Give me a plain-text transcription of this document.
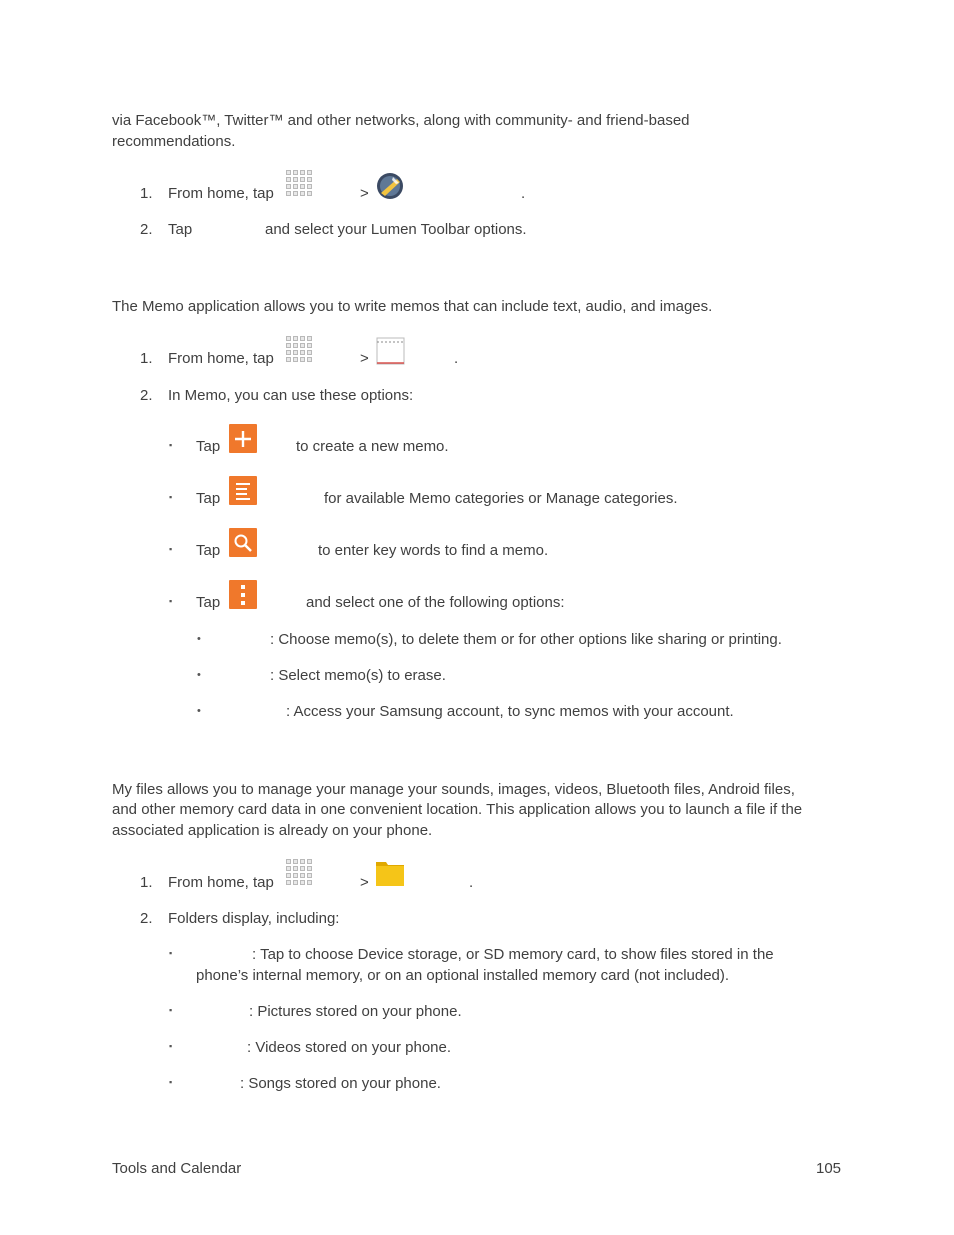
via Facebook™, Twitter™ and other networks, along with community- and friend-based
recommendations.
1. From home, tap	>	.
2. Tap	and select your Lumen Toolbar options.
The Memo application allows you to write memos that can include text, audio, and images.
1. From home, tap	>	.
2. In Memo, you can use these options:
▪ Tap	to create a new memo.
▪ Tap	for available Memo categories or Manage categories.
▪ Tap	to enter key words to find a memo.
▪ Tap	and select one of the following options:
•	: Choose memo(s), to delete them or for other options like sharing or printing.
•	: Select memo(s) to erase.
•	: Access your Samsung account, to sync memos with your account.
My files allows you to manage your manage your sounds, images, videos, Bluetooth files, Android files,
and other memory card data in one convenient location. This application allows you to launch a file if the
associated application is already on your phone.
1. From home, tap	>	.
2. Folders display, including:
▪	: Tap to choose Device storage, or SD memory card, to show files stored in the
phone’s internal memory, or on an optional installed memory card (not included).
▪	: Pictures stored on your phone.
▪	: Videos stored on your phone.
▪	: Songs stored on your phone.
Tools and Calendar	105
